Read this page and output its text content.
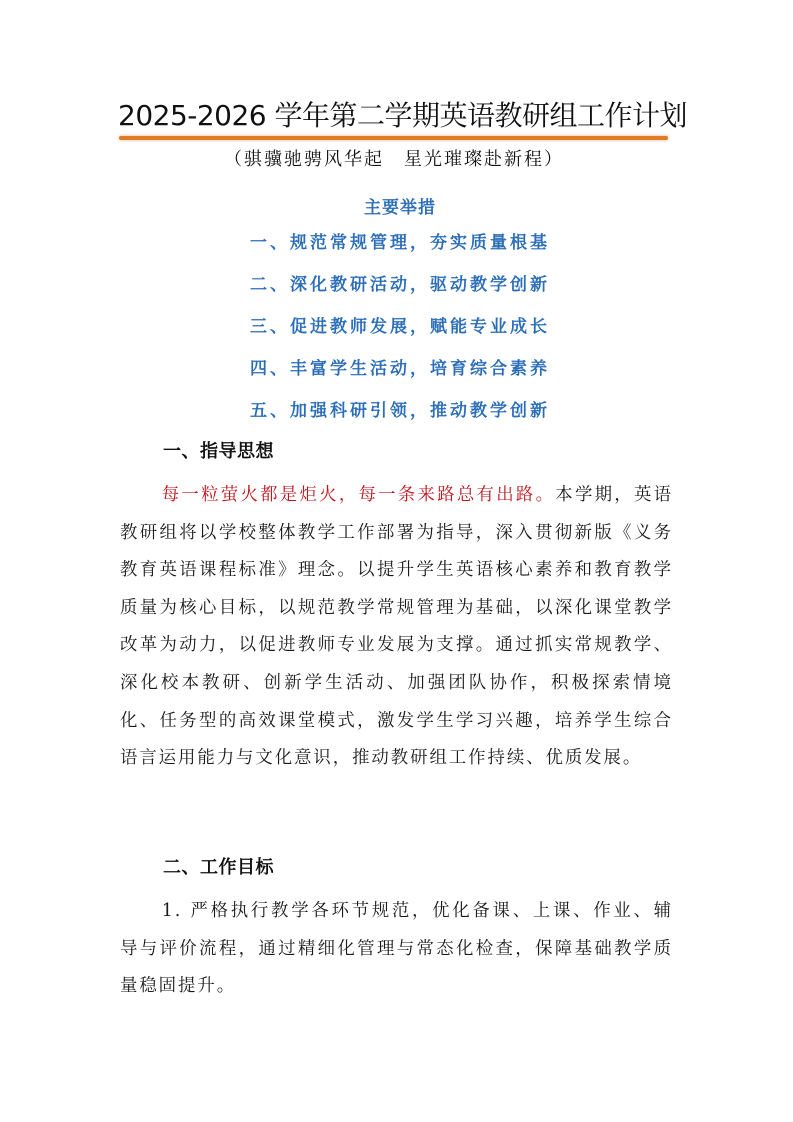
2025-2026 学年第二学期英语教研组工作计划
（骐骥驰骋风华起　星光璀璨赴新程）
主要举措
一、规范常规管理，夯实质量根基
二、深化教研活动，驱动教学创新
三、促进教师发展，赋能专业成长
四、丰富学生活动，培育综合素养
五、加强科研引领，推动教学创新
一、指导思想

每一粒萤火都是炬火，每一条来路总有出路。本学期，英语教研组将以学校整体教学工作部署为指导，深入贯彻新版《义务教育英语课程标准》理念。以提升学生英语核心素养和教育教学质量为核心目标，以规范教学常规管理为基础，以深化课堂教学改革为动力，以促进教师专业发展为支撑。通过抓实常规教学、深化校本教研、创新学生活动、加强团队协作，积极探索情境化、任务型的高效课堂模式，激发学生学习兴趣，培养学生综合语言运用能力与文化意识，推动教研组工作持续、优质发展。

二、工作目标

1. 严格执行教学各环节规范，优化备课、上课、作业、辅导与评价流程，通过精细化管理与常态化检查，保障基础教学质量稳固提升。
